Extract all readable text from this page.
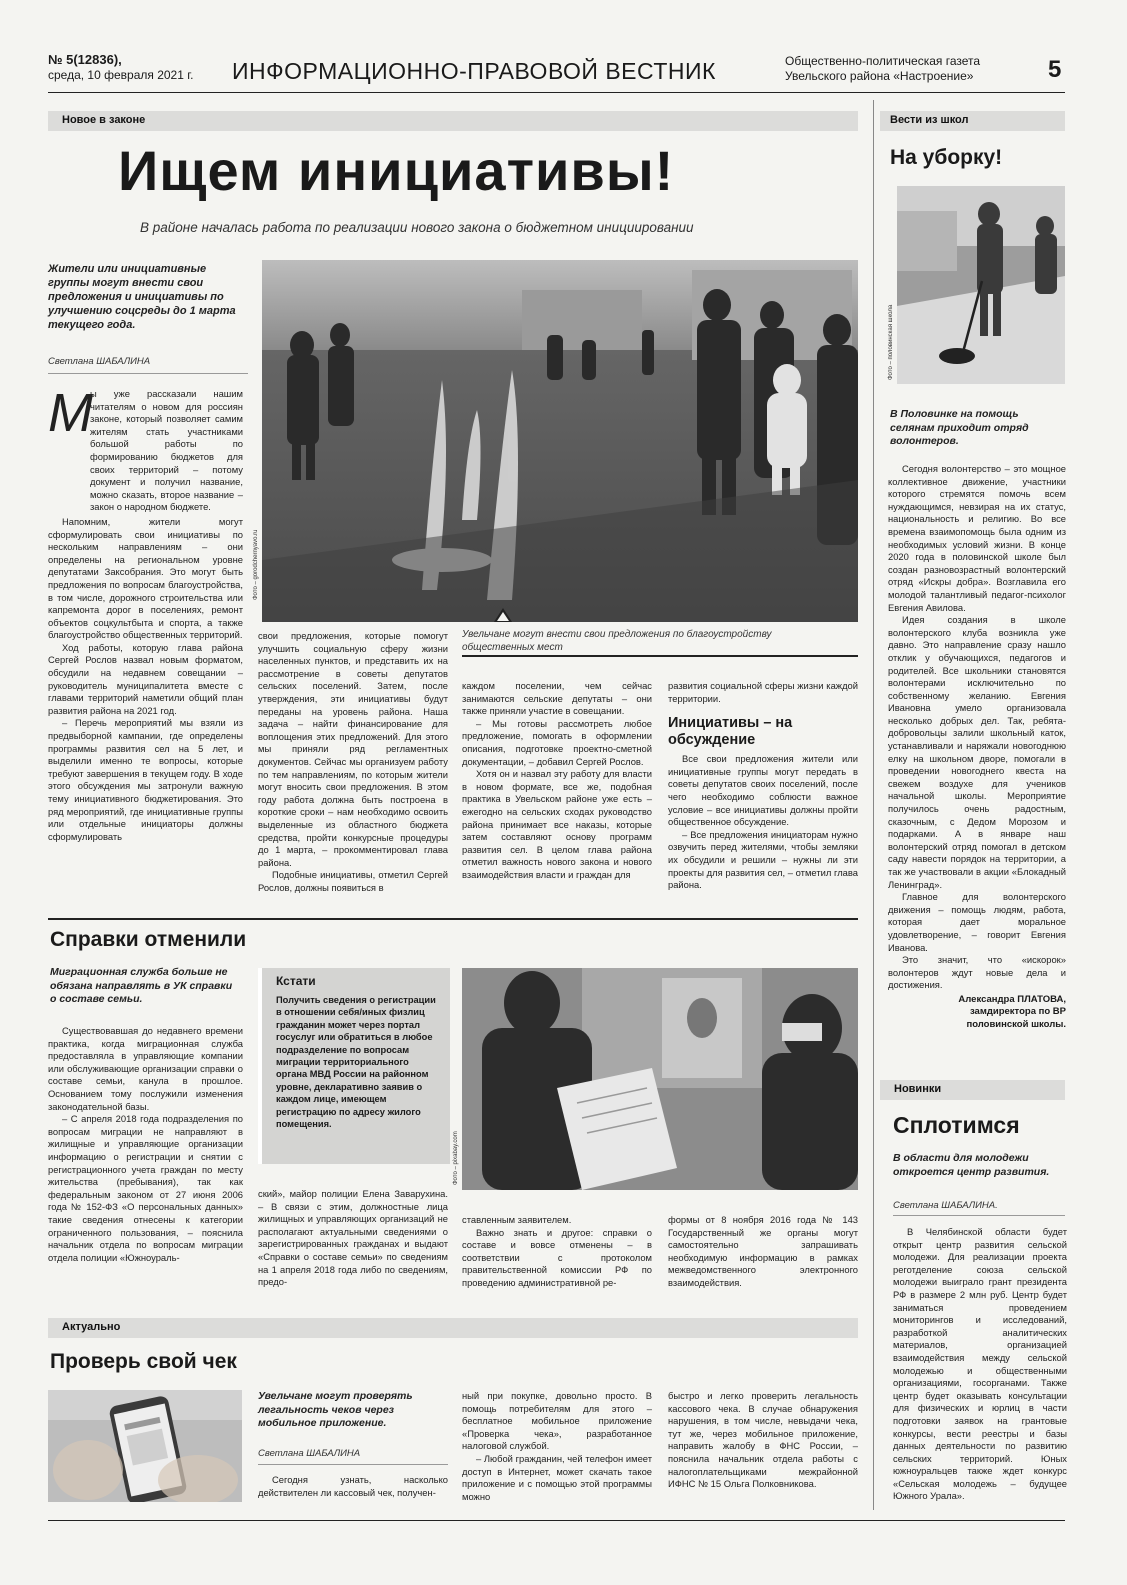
№ 5(12836),
среда, 10 февраля 2021 г. ИНФОРМАЦИОННО-ПРАВОВОЙ ВЕСТНИК	Общественно-политическая газета
Увельского района «Настроение»	5
Новое в законе
Ищем инициативы!
В районе началась работа по реализации нового закона о бюджетном инициировании
Жители или инициативные группы могут внести свои предложения и инициативы по улучшению соцсреды до 1 марта текущего года.
Светлана ШАБАЛИНА
М
ы уже рассказали нашим читателям о новом для россиян законе, который позволяет самим жителям стать участниками большой работы по формированию бюджетов для своих территорий – потому документ и получил название, можно сказать, второе название – закон о народном бюджете.
Напомним, жители могут сформулировать свои инициативы по нескольким направлениям – они определены на региональном уровне депутатами Заксобрания. Это могут быть предложения по вопросам благоустройства, в том числе, дорожного строительства или капремонта дорог в поселениях, ремонт объектов соцкультбыта и спорта, а также благоустройство общественных территорий.
Ход работы, которую глава района Сергей Рослов назвал новым форматом, обсудили на недавнем совещании – руководитель муниципалитета вместе с главами территорий наметили общий план развития района на 2021 год.
– Перечь мероприятий мы взяли из предвыборной кампании, где определены программы развития сел на 5 лет, и выделили именно те вопросы, которые требуют завершения в текущем году. В ходе этого обсуждения мы затронули важную тему инициативного бюджетирования. Это ряд мероприятий, где инициативные группы или отдельные инициаторы должны сформулировать
Фото – gorodchernyavo.ru
Увельчане могут внести свои предложения по благоустройству общественных мест
свои предложения, которые помогут улучшить социальную сферу жизни населенных пунктов, и представить их на рассмотрение в советы депутатов сельских поселений. Затем, после утверждения, эти инициативы будут переданы на уровень района. Наша задача – найти финансирование для воплощения этих предложений. Для этого мы приняли ряд регламентных документов. Сейчас мы организуем работу по тем направлениям, по которым жители могут вносить свои предложения. В этом году работа должна быть построена в короткие сроки – нам необходимо освоить выделенные из областного бюджета средства, пройти конкурсные процедуры до 1 марта, – прокомментировал глава района.
Подобные инициативы, отметил Сергей Рослов, должны появиться в
каждом поселении, чем сейчас занимаются сельские депутаты – они также приняли участие в совещании.
– Мы готовы рассмотреть любое предложение, помогать в оформлении описания, подготовке проектно-сметной документации, – добавил Сергей Рослов.
Хотя он и назвал эту работу для власти в новом формате, все же, подобная практика в Увельском районе уже есть – ежегодно на сельских сходах руководство района принимает все наказы, которые затем составляют основу программ развития сел. В целом глава района отметил важность нового закона и нового взаимодействия власти и граждан для
развития социальной сферы жизни каждой территории.
Инициативы – на обсуждение
Все свои предложения жители или инициативные группы могут передать в советы депутатов своих поселений, после чего необходимо соблюсти важное условие – все инициативы должны пройти общественное обсуждение.
– Все предложения инициаторам нужно озвучить перед жителями, чтобы земляки их обсудили и решили – нужны ли эти проекты для развития сел, – отметил глава района.
Вести из школ
На уборку!
Фото – половинская школа
В Половинке на помощь селянам приходит отряд волонтеров.
Сегодня волонтерство – это мощное коллективное движение, участники которого стремятся помочь всем нуждающимся, невзирая на их статус, национальность и религию. Во все времена взаимопомощь была одним из необходимых условий жизни. В конце 2020 года в половинской школе был создан разновозрастный волонтерский отряд «Искры добра». Возглавила его молодой талантливый педагог-психолог Евгения Авилова.
Идея создания в школе волонтерского клуба возникла уже давно. Это направление сразу нашло отклик у обучающихся, педагогов и родителей. Все школьники становятся волонтерами исключительно по собственному желанию. Евгения Ивановна умело организовала несколько добрых дел. Так, ребята-добровольцы залили школьный каток, устанавливали и наряжали новогоднюю елку на школьном дворе, помогали в проведении новогоднего квеста на свежем воздухе для учеников начальной школы. Мероприятие получилось очень радостным, сказочным, с Дедом Морозом и подарками. А в январе наш волонтерский отряд помогал в детском саду навести порядок на территории, а так же участвовали в акции «Блокадный Ленинград».
Главное для волонтерского движения – помощь людям, работа, которая дает моральное удовлетворение, – говорит Евгения Иванова.
Это значит, что «искорок» волонтеров ждут новые дела и достижения.
Александра ПЛАТОВА,
замдиректора по ВР
половинской школы.
Новинки
Сплотимся
В области для молодежи откроется центр развития.
Светлана ШАБАЛИНА.
В Челябинской области будет открыт центр развития сельской молодежи. Для реализации проекта реготделение союза сельской молодежи выиграло грант президента РФ в размере 2 млн руб. Центр будет заниматься проведением мониторингов и исследований, разработкой аналитических материалов, организацией взаимодействия между сельской молодежью и общественными организациями, госорганами. Также центр будет оказывать консультации для физических и юрлиц в части подготовки заявок на грантовые конкурсы, вести реестры и базы данных деятельности по развитию сельских территорий. Юных южноуральцев также ждет конкурс «Сельская молодежь – будущее Южного Урала».
Справки отменили
Миграционная служба больше не обязана направлять в УК справки о составе семьи.
Существовавшая до недавнего времени практика, когда миграционная служба предоставляла в управляющие компании или обслуживающие организации справки о составе семьи, канула в прошлое. Основанием тому послужили изменения законодательной базы.
– С апреля 2018 года подразделения по вопросам миграции не направляют в жилищные и управляющие организации информацию о регистрации и снятии с регистрационного учета граждан по месту жительства (пребывания), так как федеральным законом от 27 июня 2006 года № 152-ФЗ «О персональных данных» такие сведения отнесены к категории ограниченного пользования, – пояснила начальник отдела по вопросам миграции отдела полиции «Южноураль-
Кстати
Получить сведения о регистрации в отношении себя/иных физлиц гражданин может через портал госуслуг или обратиться в любое подразделение по вопросам миграции территориального органа МВД России на районном уровне, декларативно заявив о каждом лице, имеющем регистрацию по адресу жилого помещения.
ский», майор полиции Елена Заварухина. – В связи с этим, должностные лица жилищных и управляющих организаций не располагают актуальными сведениями о зарегистрированных гражданах и выдают «Справки о составе семьи» по сведениям на 1 апреля 2018 года либо по сведениям, предо-
Фото – pixabay.com
ставленным заявителем.
Важно знать и другое: справки о составе и вовсе отменены – в соответствии с протоколом правительственной комиссии РФ по проведению административной ре-
формы от 8 ноября 2016 года № 143 Государственный же органы могут самостоятельно запрашивать необходимую информацию в рамках межведомственного электронного взаимодействия.
Актуально
Проверь свой чек
Увельчане могут проверять легальность чеков через мобильное приложение.
Светлана ШАБАЛИНА
Сегодня узнать, насколько действителен ли кассовый чек, получен-
ный при покупке, довольно просто. В помощь потребителям для этого – бесплатное мобильное приложение «Проверка чека», разработанное налоговой службой.
– Любой гражданин, чей телефон имеет доступ в Интернет, может скачать такое приложение и с помощью этой программы можно
быстро и легко проверить легальность кассового чека. В случае обнаружения нарушения, в том числе, невыдачи чека, тут же, через мобильное приложение, направить жалобу в ФНС России, – пояснила начальник отдела работы с налогоплательщиками межрайонной ИФНС № 15 Ольга Полковникова.
